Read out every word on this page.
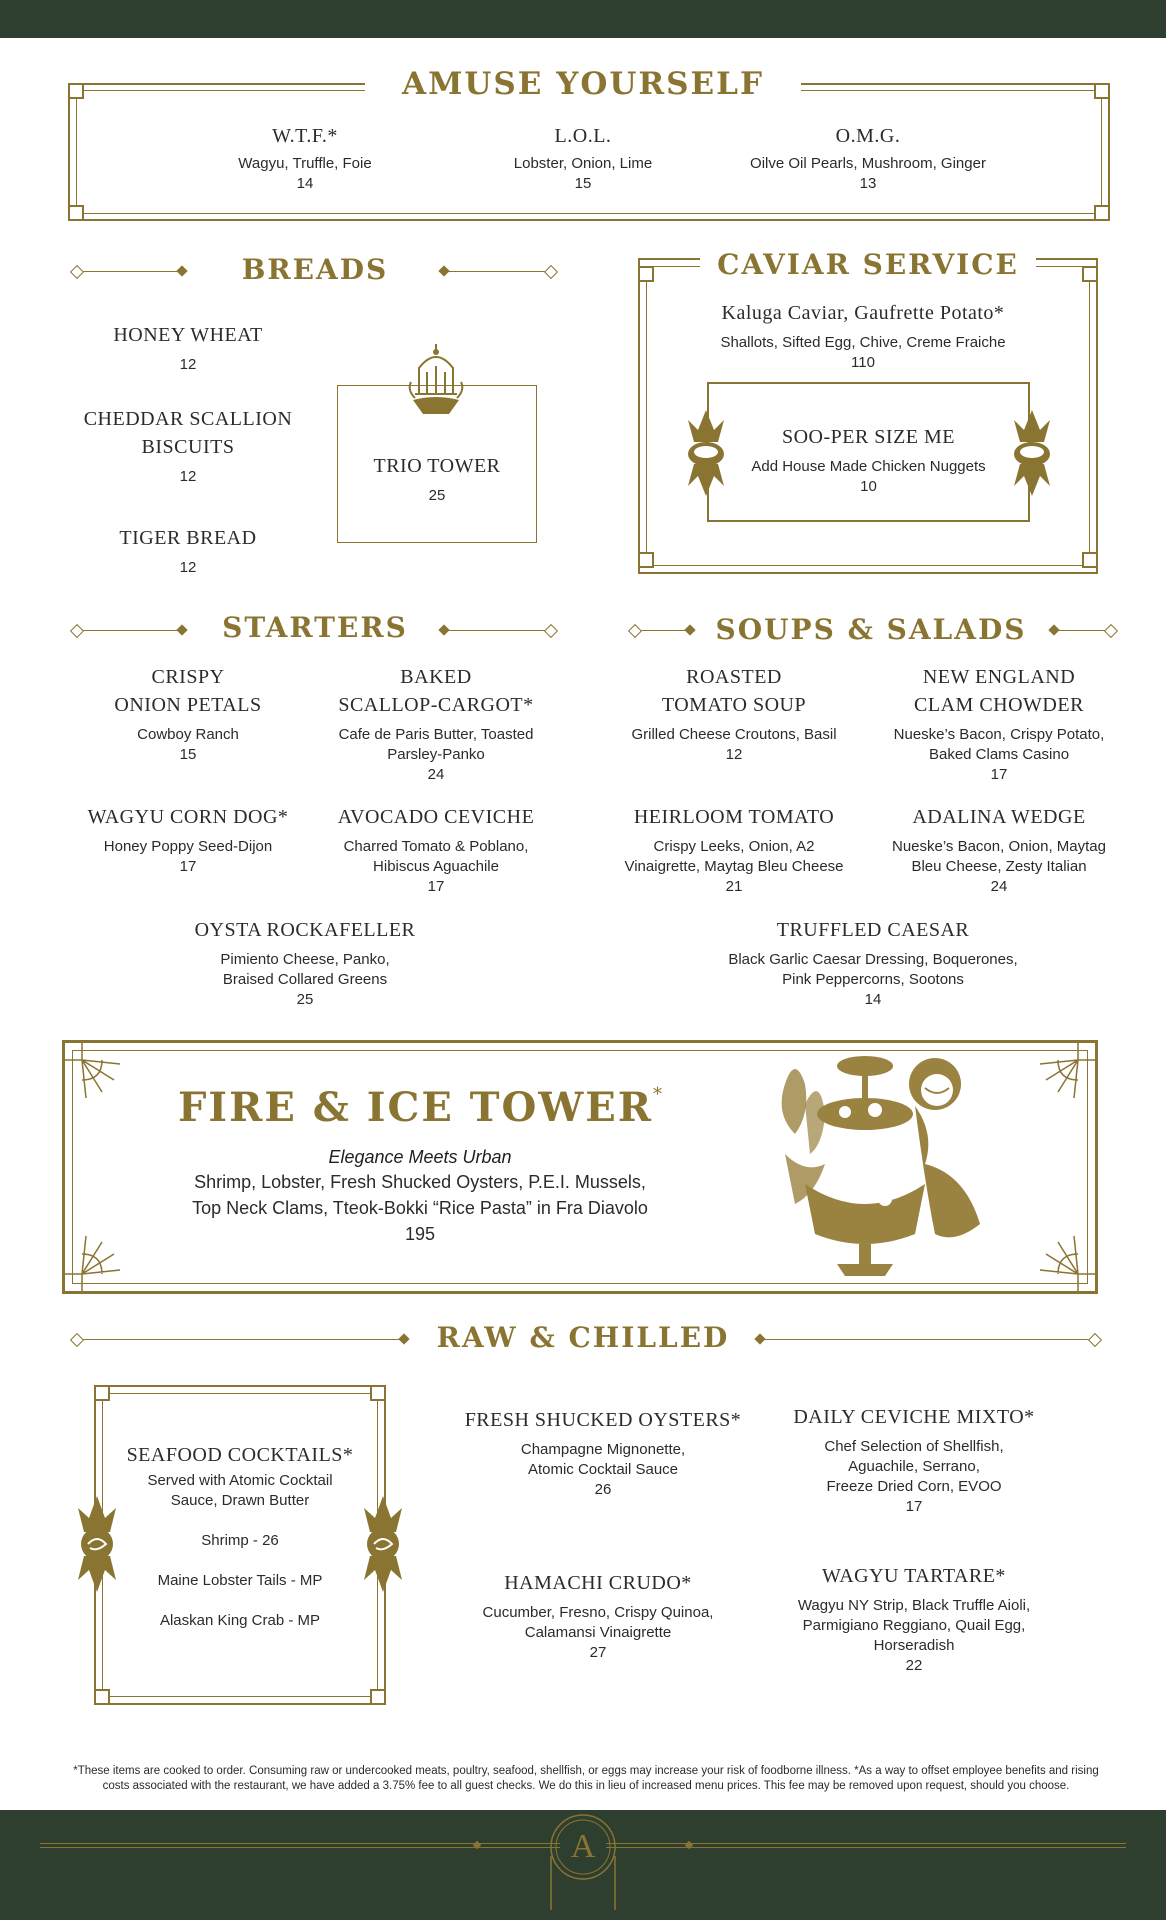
AMUSE YOURSELF
W.T.F.*
Wagyu, Truffle, Foie
14
L.O.L.
Lobster, Onion, Lime
15
O.M.G.
Oilve Oil Pearls, Mushroom, Ginger
13
BREADS
HONEY WHEAT
12
CHEDDAR SCALLION BISCUITS
12
TIGER BREAD
12
TRIO TOWER
25
CAVIAR SERVICE
Kaluga Caviar, Gaufrette Potato*
Shallots, Sifted Egg, Chive, Creme Fraiche
110
SOO-PER SIZE ME
Add House Made Chicken Nuggets
10
STARTERS
CRISPY
ONION PETALS
Cowboy Ranch
15
BAKED
SCALLOP-CARGOT*
Cafe de Paris Butter, Toasted
Parsley-Panko
24
WAGYU CORN DOG*
Honey Poppy Seed-Dijon
17
AVOCADO CEVICHE
Charred Tomato & Poblano,
Hibiscus Aguachile
17
OYSTA ROCKAFELLER
Pimiento Cheese, Panko,
Braised Collared Greens
25
SOUPS & SALADS
ROASTED
TOMATO SOUP
Grilled Cheese Croutons, Basil
12
NEW ENGLAND
CLAM CHOWDER
Nueske’s Bacon, Crispy Potato,
Baked Clams Casino
17
HEIRLOOM TOMATO
Crispy Leeks, Onion, A2
Vinaigrette, Maytag Bleu Cheese
21
ADALINA WEDGE
Nueske’s Bacon, Onion, Maytag
Bleu Cheese, Zesty Italian
24
TRUFFLED CAESAR
Black Garlic Caesar Dressing, Boquerones,
Pink Peppercorns, Sootons
14
FIRE & ICE TOWER*
Elegance Meets Urban
Shrimp, Lobster, Fresh Shucked Oysters, P.E.I. Mussels,
Top Neck Clams, Tteok-Bokki “Rice Pasta” in Fra Diavolo
195
RAW & CHILLED
SEAFOOD COCKTAILS*
Served with Atomic Cocktail
Sauce, Drawn Butter
Shrimp - 26
Maine Lobster Tails - MP
Alaskan King Crab - MP
FRESH SHUCKED OYSTERS*
Champagne Mignonette,
Atomic Cocktail Sauce
26
DAILY CEVICHE MIXTO*
Chef Selection of Shellfish,
Aguachile, Serrano,
Freeze Dried Corn, EVOO
17
HAMACHI CRUDO*
Cucumber, Fresno, Crispy Quinoa,
Calamansi Vinaigrette
27
WAGYU TARTARE*
Wagyu NY Strip, Black Truffle Aioli,
Parmigiano Reggiano, Quail Egg,
Horseradish
22
*These items are cooked to order. Consuming raw or undercooked meats, poultry, seafood, shellfish, or eggs may increase your risk of foodborne illness. *As a way to offset employee benefits and rising
costs associated with the restaurant, we have added a 3.75% fee to all guest checks. We do this in lieu of increased menu prices. This fee may be removed upon request, should you choose.
A
